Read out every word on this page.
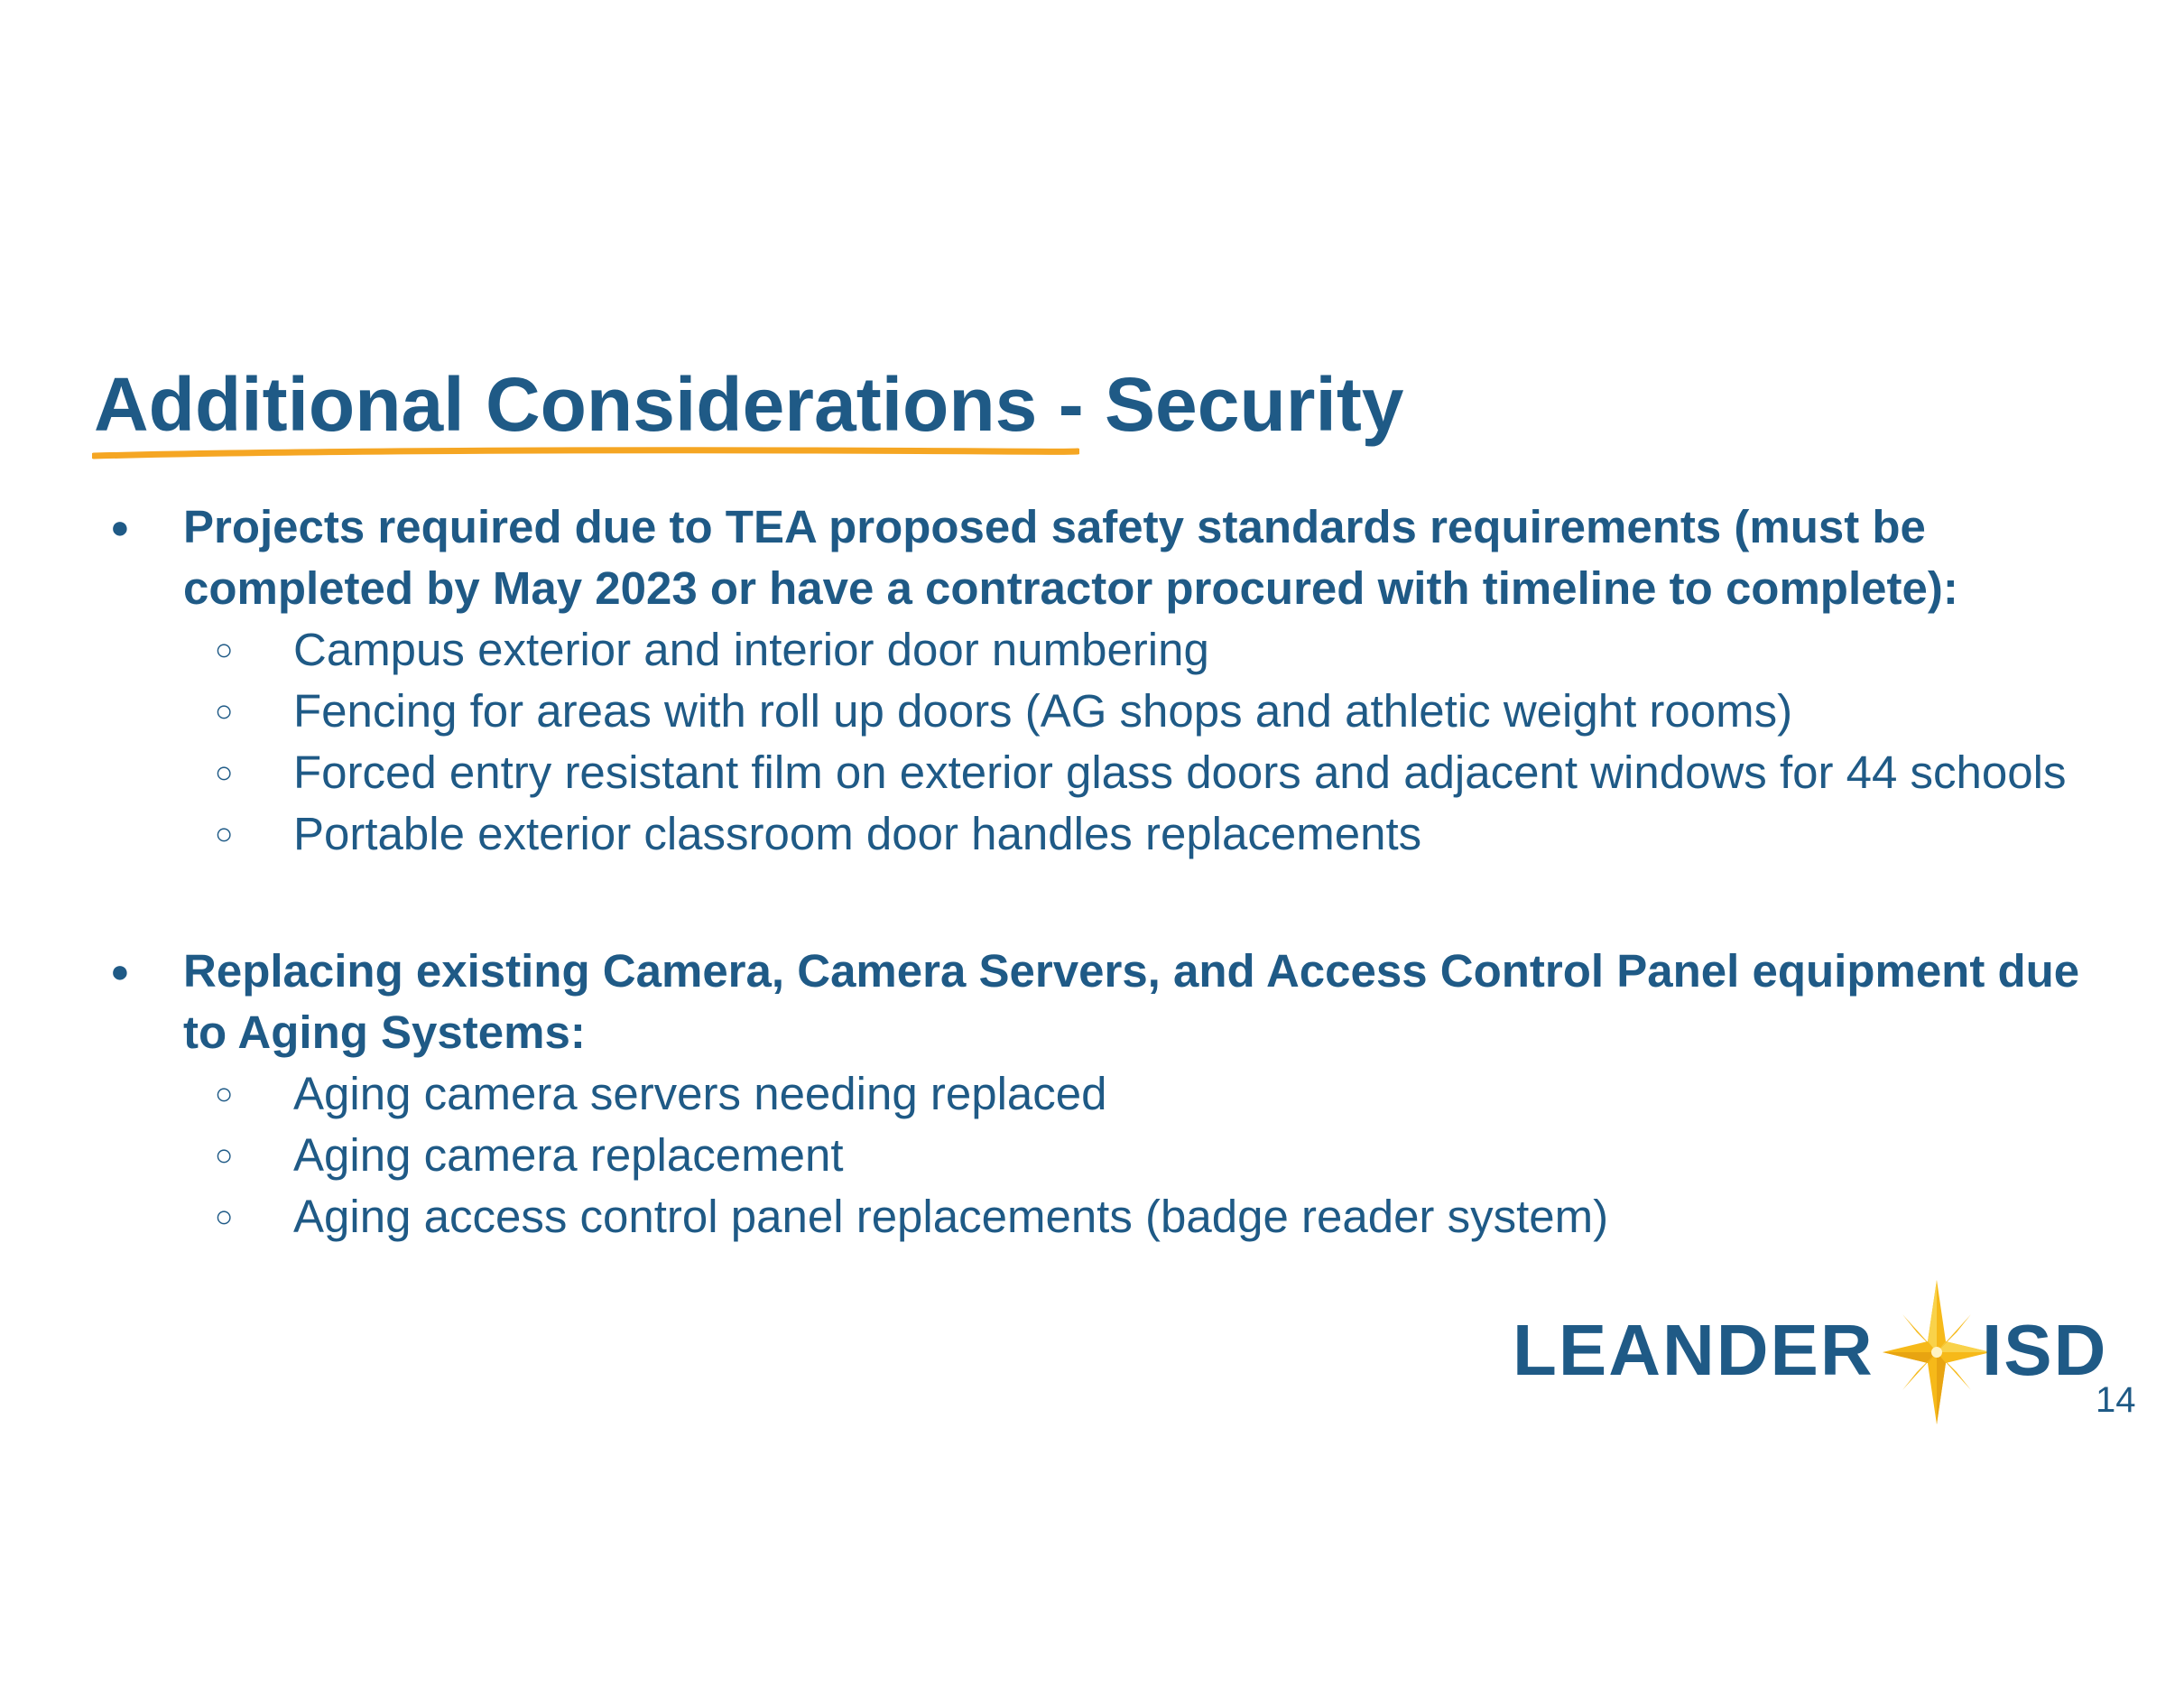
Additional Considerations - Security
● Projects required due to TEA proposed safety standards requirements (must be completed by May 2023 or have a contractor procured with timeline to complete):
○ Campus exterior and interior door numbering
○ Fencing for areas with roll up doors (AG shops and athletic weight rooms)
○ Forced entry resistant film on exterior glass doors and adjacent windows for 44 schools
○ Portable exterior classroom door handles replacements
● Replacing existing Camera, Camera Servers, and Access Control Panel equipment due to Aging Systems:
○ Aging camera servers needing replaced
○ Aging camera replacement
○ Aging access control panel replacements (badge reader system)
LEANDER ISD
14
